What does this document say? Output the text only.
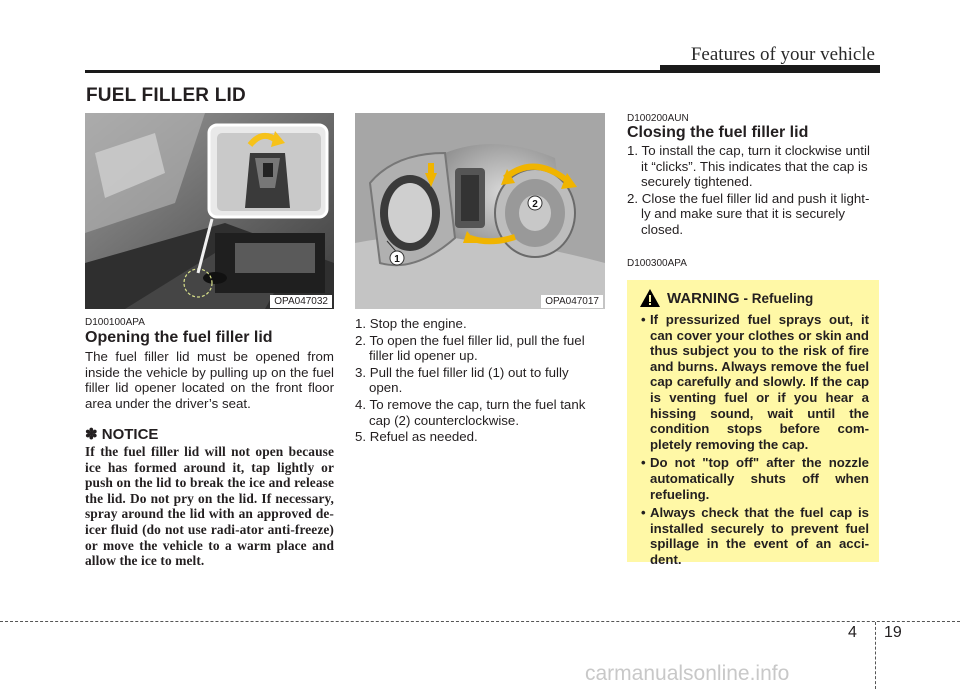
Features of your vehicle
FUEL FILLER LID
OPA047032
1
2
OPA047017
D100100APA
Opening the fuel filler lid
The fuel filler lid must be opened from inside the vehicle by pulling up on the fuel filler lid opener located on the front floor area under the driver’s seat.
✽ NOTICE
If the fuel filler lid will not open because ice has formed around it, tap lightly or push on the lid to break the ice and release the lid. Do not pry on the lid. If necessary, spray around the lid with an approved de-icer fluid (do not use radi-ator anti-freeze) or move the vehicle to a warm place and allow the ice to melt.
1. Stop the engine.
2. To open the fuel filler lid, pull the fuel filler lid opener up.
3. Pull the fuel filler lid (1) out to fully open.
4. To remove the cap, turn the fuel tank cap (2) counterclockwise.
5. Refuel as needed.
D100200AUN
Closing the fuel filler lid
1. To install the cap, turn it clockwise until it “clicks”. This indicates that the cap is securely tightened.
2. Close the fuel filler lid and push it light-ly and make sure that it is securely closed.
D100300APA
WARNING - Refueling
• If pressurized fuel sprays out, it can cover your clothes or skin and thus subject you to the risk of fire and burns. Always remove the fuel cap carefully and slowly. If the cap is venting fuel or if you hear a hissing sound, wait until the condition stops before com-pletely removing the cap.
• Do not "top off" after the nozzle automatically shuts off when refueling.
• Always check that the fuel cap is installed securely to prevent fuel spillage in the event of an acci-dent.
4 19
carmanualsonline.info
